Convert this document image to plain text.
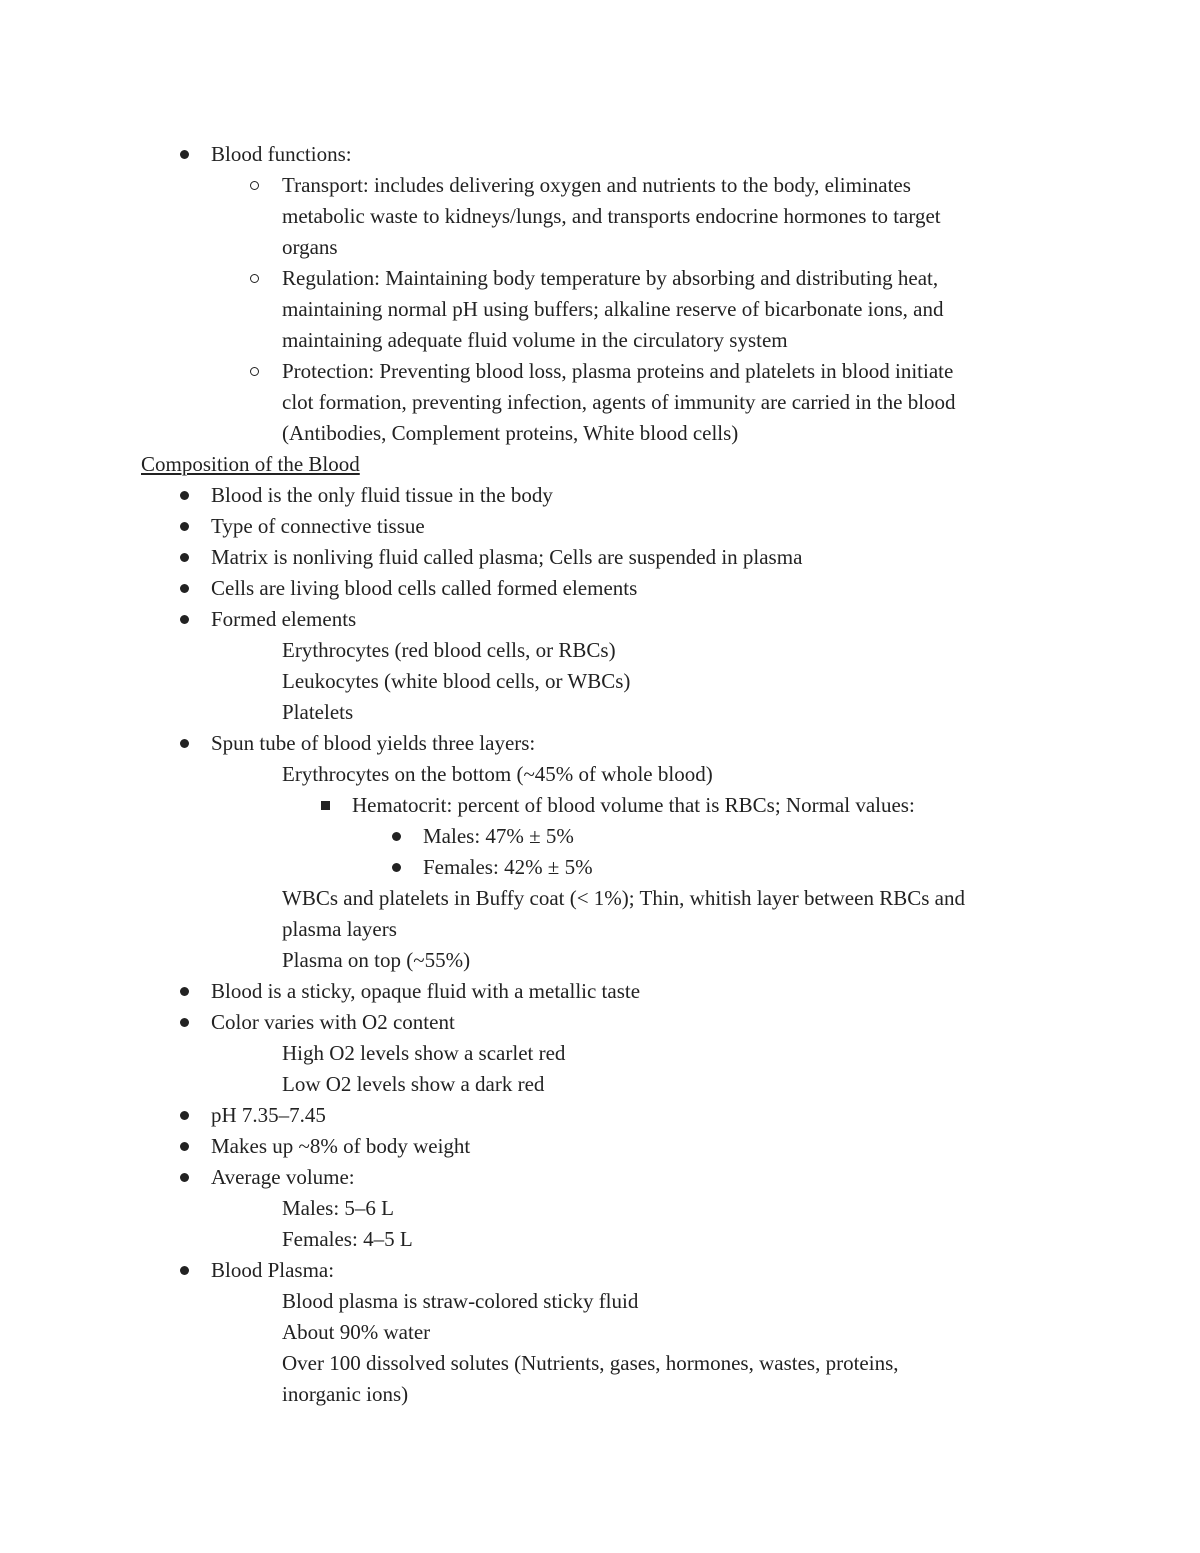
Blood functions:
Transport: includes delivering oxygen and nutrients to the body, eliminates
metabolic waste to kidneys/lungs, and transports endocrine hormones to target
organs
Regulation: Maintaining body temperature by absorbing and distributing heat,
maintaining normal pH using buffers; alkaline reserve of bicarbonate ions, and
maintaining adequate fluid volume in the circulatory system
Protection: Preventing blood loss, plasma proteins and platelets in blood initiate
clot formation, preventing infection, agents of immunity are carried in the blood
(Antibodies, Complement proteins, White blood cells)
Composition of the Blood
Blood is the only fluid tissue in the body
Type of connective tissue
Matrix is nonliving fluid called plasma; Cells are suspended in plasma
Cells are living blood cells called formed elements
Formed elements
Erythrocytes (red blood cells, or RBCs)
Leukocytes (white blood cells, or WBCs)
Platelets
Spun tube of blood yields three layers:
Erythrocytes on the bottom (~45% of whole blood)
Hematocrit: percent of blood volume that is RBCs; Normal values:
Males: 47% ± 5%
Females: 42% ± 5%
WBCs and platelets in Buffy coat (< 1%); Thin, whitish layer between RBCs and
plasma layers
Plasma on top (~55%)
Blood is a sticky, opaque fluid with a metallic taste
Color varies with O2 content
High O2 levels show a scarlet red
Low O2 levels show a dark red
pH 7.35–7.45
Makes up ~8% of body weight
Average volume:
Males: 5–6 L
Females: 4–5 L
Blood Plasma:
Blood plasma is straw-colored sticky fluid
About 90% water
Over 100 dissolved solutes (Nutrients, gases, hormones, wastes, proteins,
inorganic ions)
